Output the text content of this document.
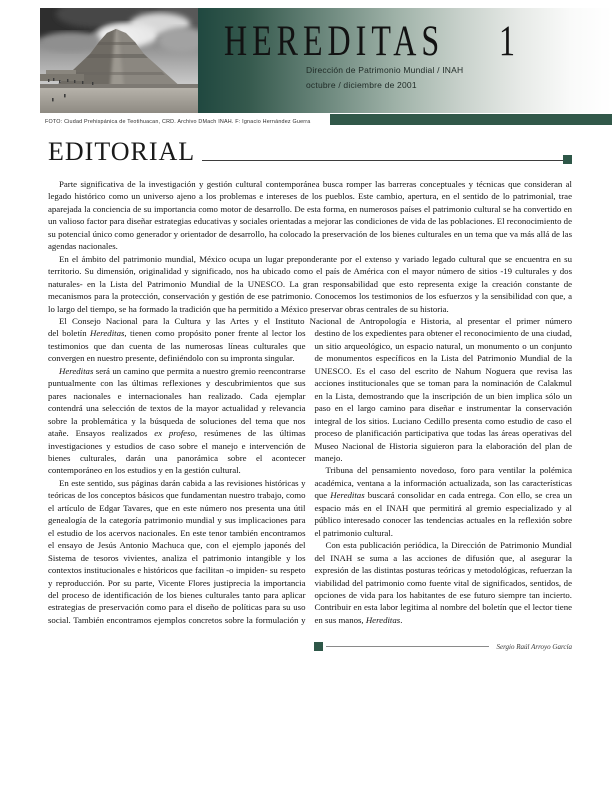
HEREDITAS 1
Dirección de Patrimonio Mundial / INAH
octubre / diciembre de 2001
FOTO: Ciudad Prehispánica de Teotihuacan, CRD. Archivo DMach INAH. F: Ignacio Hernández Guerra
EDITORIAL

Parte significativa de la investigación y gestión cultural contemporánea busca romper las barreras conceptuales y técnicas que consideran al legado histórico como un universo ajeno a los problemas e intereses de los pueblos. Este cambio, apertura, en el sentido de lo patrimonial, trae aparejada la conciencia de su importancia como motor de desarrollo. De esta forma, en numerosos países el patrimonio cultural se ha convertido en un valioso factor para diseñar estrategias educativas y sociales orientadas a mejorar las condiciones de vida de las poblaciones. El reconocimiento de su potencial único como generador y orientador de desarrollo, ha colocado la preservación de los bienes culturales en un tema que va más allá de las agendas nacionales.

En el ámbito del patrimonio mundial, México ocupa un lugar preponderante por el extenso y variado legado cultural que se encuentra en su territorio. Su dimensión, originalidad y significado, nos ha ubicado como el país de América con el mayor número de sitios -19 culturales y dos naturales- en la Lista del Patrimonio Mundial de la UNESCO. La gran responsabilidad que esto representa exige la creación constante de mecanismos para la protección, conservación y gestión de ese patrimonio. Conocemos los testimonios de los esfuerzos y la sensibilidad con que, a lo largo del tiempo, se ha formado la tradición que ha permitido a México preservar obras centrales de su historia.

El Consejo Nacional para la Cultura y las Artes y el Instituto Nacional de Antropología e Historia, al presentar el primer número

del boletín Hereditas, tienen como propósito poner frente al lector los testimonios que dan cuenta de las numerosas líneas culturales que convergen en nuestro presente, definiéndolo con su impronta singular.

Hereditas será un camino que permita a nuestro gremio reencontrarse puntualmente con las últimas reflexiones y descubrimientos que sus pares nacionales e internacionales han realizado. Cada ejemplar contendrá una selección de textos de la mayor actualidad y relevancia sobre la problemática y la búsqueda de soluciones del tema que nos atañe. Ensayos realizados ex profeso, resúmenes de las últimas investigaciones y estudios de caso sobre el manejo e intervención de bienes culturales, darán una panorámica sobre el acontecer contemporáneo en los estudios y en la gestión cultural.

En este sentido, sus páginas darán cabida a las revisiones históricas y teóricas de los conceptos básicos que fundamentan nuestro trabajo, como el artículo de Edgar Tavares, que en este número nos presenta una útil genealogía de la categoría patrimonio mundial y sus implicaciones para el estudio de los acervos nacionales. En este tenor también encontramos el ensayo de Jesús Antonio Machuca que, con el ejemplo japonés del Sistema de tesoros vivientes, analiza el patrimonio intangible y los contextos institucionales e históricos que facilitan -o impiden- su respeto y reproducción. Por su parte, Vicente Flores justiprecia la importancia del proceso de identificación de los bienes culturales tanto para aplicar estrategias de preservación como para el diseño de políticas para su uso social. También encontramos ejemplos concretos sobre la formulación y destino de los expedientes para obtener el reconocimiento de una ciudad, un sitio arqueológico, un espacio natural, un monumento o un conjunto de monumentos específicos en la Lista del Patrimonio Mundial de la UNESCO. Es el caso del escrito de Nahum Noguera que revisa las acciones institucionales que se toman para la nominación de Calakmul en la Lista, demostrando que la inscripción de un bien implica sólo un paso en el largo camino para diseñar e instrumentar la conservación integral de los sitios. Luciano Cedillo presenta como estudio de caso el proceso de planificación participativa que todas las áreas operativas del Museo Nacional de Historia siguieron para la elaboración del plan de manejo.

Tribuna del pensamiento novedoso, foro para ventilar la polémica académica, ventana a la información actualizada, son las características que Hereditas buscará consolidar en cada entrega. Con ello, se crea un espacio más en el INAH que permitirá al gremio especializado y al público interesado conocer las tendencias actuales en la reflexión sobre el patrimonio cultural.

Con esta publicación periódica, la Dirección de Patrimonio Mundial del INAH se suma a las acciones de difusión que, al asegurar la expresión de las distintas posturas teóricas y metodológicas, refuerzan la viabilidad del patrimonio como fuente vital de significados, sentidos, de opciones de vida para los habitantes de ese futuro siempre tan incierto. Contribuir en esta labor legitima al nombre del boletín que el lector tiene en sus manos, Hereditas.

Sergio Raúl Arroyo García
